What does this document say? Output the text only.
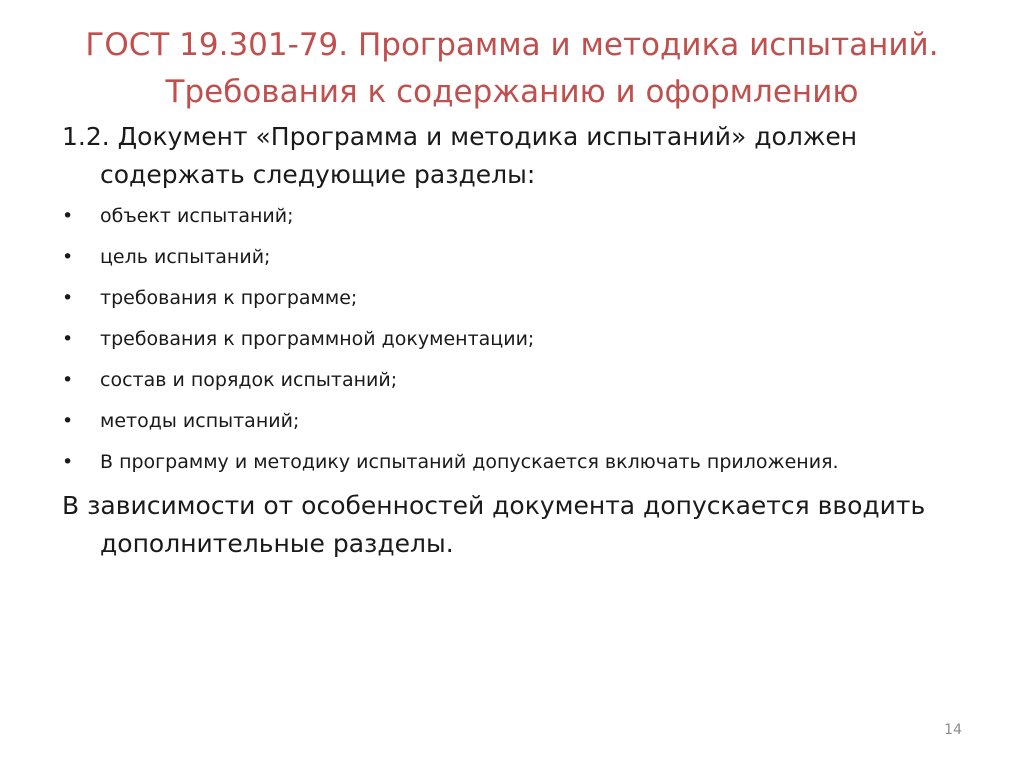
ГОСТ 19.301-79. Программа и методика испытаний.
Требования к содержанию и оформлению

1.2. Документ «Программа и методика испытаний» должен содержать следующие разделы:

• объект испытаний;
• цель испытаний;
• требования к программе;
• требования к программной документации;
• состав и порядок испытаний;
• методы испытаний;
• В программу и методику испытаний допускается включать приложения.

В зависимости от особенностей документа допускается вводить дополнительные разделы.

14
